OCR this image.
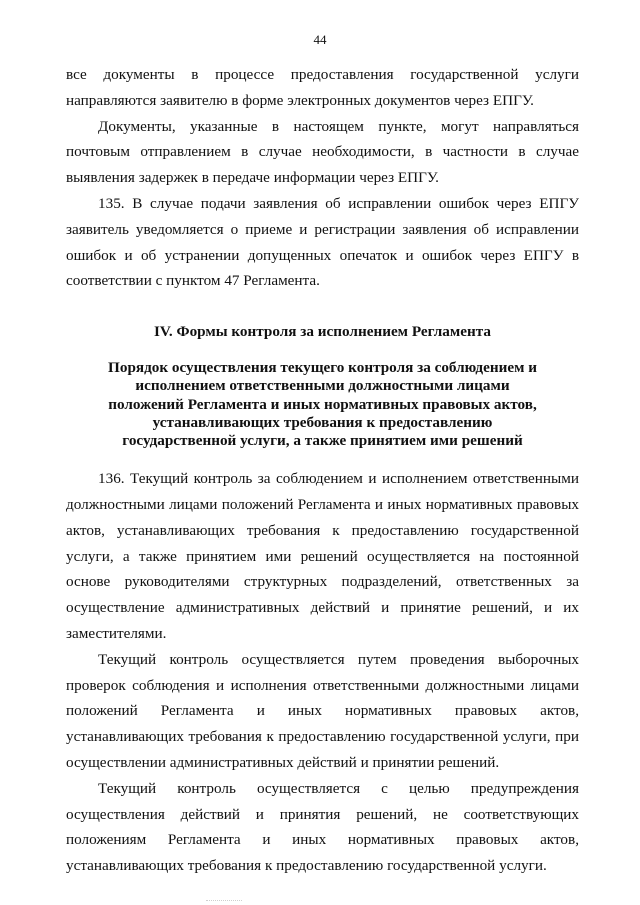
44

все документы в процессе предоставления государственной услуги направляются заявителю в форме электронных документов через ЕПГУ.

Документы, указанные в настоящем пункте, могут направляться почтовым отправлением в случае необходимости, в частности в случае выявления задержек в передаче информации через ЕПГУ.

135. В случае подачи заявления об исправлении ошибок через ЕПГУ заявитель уведомляется о приеме и регистрации заявления об исправлении ошибок и об устранении допущенных опечаток и ошибок через ЕПГУ в соответствии с пунктом 47 Регламента.

IV. Формы контроля за исполнением Регламента
Порядок осуществления текущего контроля за соблюдением и исполнением ответственными должностными лицами положений Регламента и иных нормативных правовых актов, устанавливающих требования к предоставлению государственной услуги, а также принятием ими решений

136. Текущий контроль за соблюдением и исполнением ответственными должностными лицами положений Регламента и иных нормативных правовых актов, устанавливающих требования к предоставлению государственной услуги, а также принятием ими решений осуществляется на постоянной основе руководителями структурных подразделений, ответственных за осуществление административных действий и принятие решений, и их заместителями.

Текущий контроль осуществляется путем проведения выборочных проверок соблюдения и исполнения ответственными должностными лицами положений Регламента и иных нормативных правовых актов, устанавливающих требования к предоставлению государственной услуги, при осуществлении административных действий и принятии решений.

Текущий контроль осуществляется с целью предупреждения осуществления действий и принятия решений, не соответствующих положениям Регламента и иных нормативных правовых актов, устанавливающих требования к предоставлению государственной услуги.
